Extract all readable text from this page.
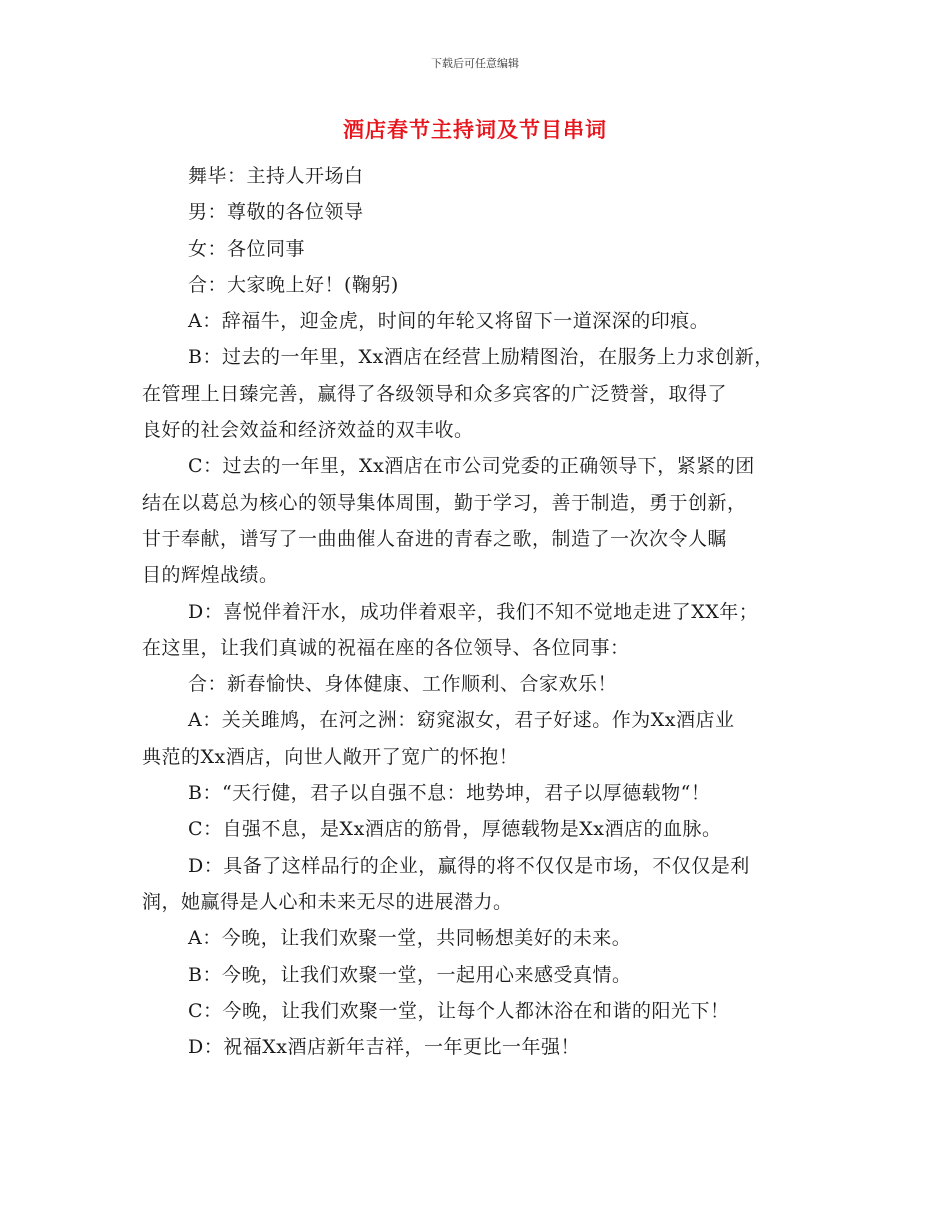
下载后可任意编辑
酒店春节主持词及节目串词
舞毕：主持人开场白
男：尊敬的各位领导
女：各位同事
合：大家晚上好！(鞠躬)
A：辞福牛，迎金虎，时间的年轮又将留下一道深深的印痕。
B：过去的一年里，Xx酒店在经营上励精图治，在服务上力求创新，
在管理上日臻完善，赢得了各级领导和众多宾客的广泛赞誉，取得了
良好的社会效益和经济效益的双丰收。
C：过去的一年里，Xx酒店在市公司党委的正确领导下，紧紧的团
结在以葛总为核心的领导集体周围，勤于学习，善于制造，勇于创新，
甘于奉献，谱写了一曲曲催人奋进的青春之歌，制造了一次次令人瞩
目的辉煌战绩。
D：喜悦伴着汗水，成功伴着艰辛，我们不知不觉地走进了XX年；
在这里，让我们真诚的祝福在座的各位领导、各位同事：
合：新春愉快、身体健康、工作顺利、合家欢乐！
A：关关雎鸠，在河之洲：窈窕淑女，君子好逑。作为Xx酒店业
典范的Xx酒店，向世人敞开了宽广的怀抱！
B：“天行健，君子以自强不息：地势坤，君子以厚德载物“！
C：自强不息，是Xx酒店的筋骨，厚德载物是Xx酒店的血脉。
D：具备了这样品行的企业，赢得的将不仅仅是市场，不仅仅是利
润，她赢得是人心和未来无尽的进展潜力。
A：今晚，让我们欢聚一堂，共同畅想美好的未来。
B：今晚，让我们欢聚一堂，一起用心来感受真情。
C：今晚，让我们欢聚一堂，让每个人都沐浴在和谐的阳光下！
D：祝福Xx酒店新年吉祥，一年更比一年强！
